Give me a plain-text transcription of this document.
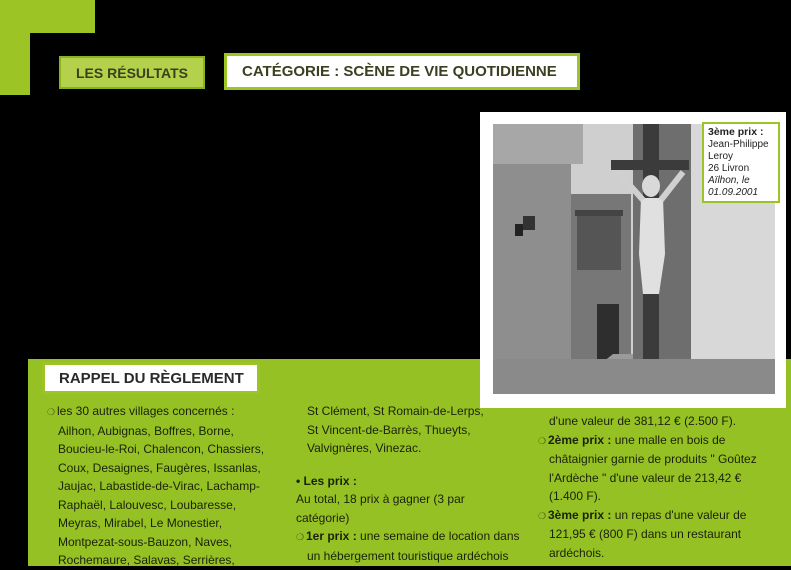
LES RÉSULTATS	CATÉGORIE : SCÈNE DE VIE QUOTIDIENNE
3ème prix :
Jean-Philippe
Leroy
26 Livron
Aïlhon, le
01.09.2001
RAPPEL DU RÈGLEMENT

❍ les 30 autres villages concernés :

Ailhon, Aubignas, Boffres, Borne,

Boucieu-le-Roi, Chalencon, Chassiers,

Coux, Desaignes, Faugères, Issanlas,

Jaujac, Labastide-de-Virac, Lachamp-

Raphaël, Lalouvesc, Loubaresse,

Meyras, Mirabel, Le Monestier,

Montpezat-sous-Bauzon, Naves,

Rochemaure, Salavas, Serrières,

St Clément, St Romain-de-Lerps,

St Vincent-de-Barrès, Thueyts,

Valvignères, Vinezac.

• Les prix :

Au total, 18 prix à gagner (3 par

catégorie)

❍ 1er prix : une semaine de location dans

un hébergement touristique ardéchois

d'une valeur de 381,12 € (2.500 F).

❍ 2ème prix : une malle en bois de

châtaignier garnie de produits " Goûtez

l'Ardèche " d'une valeur de 213,42 €

(1.400 F).

❍ 3ème prix : un repas d'une valeur de

121,95 € (800 F) dans un restaurant

ardéchois.
